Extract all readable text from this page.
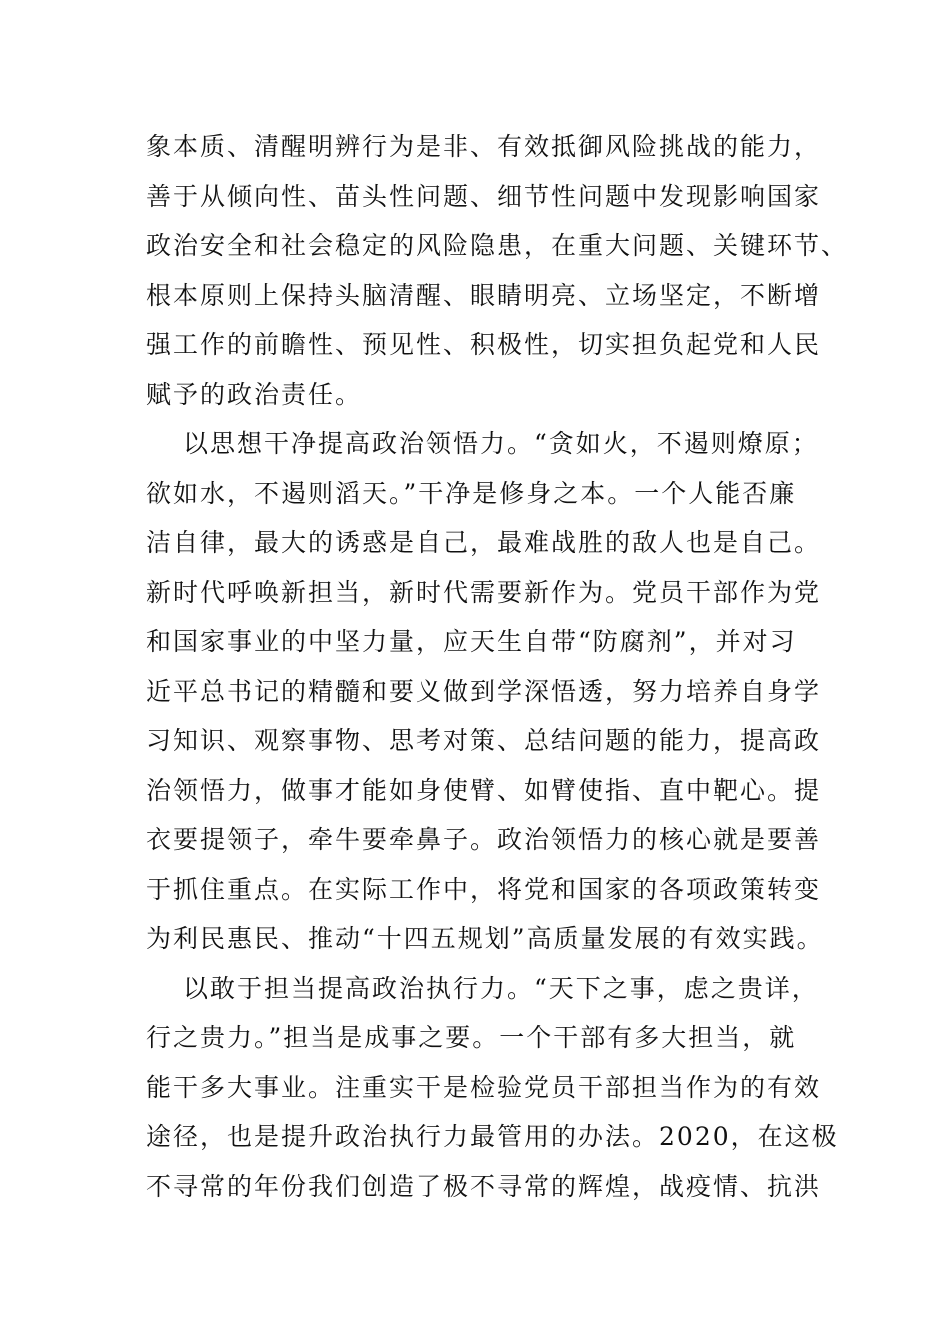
象本质、清醒明辨行为是非、有效抵御风险挑战的能力，
善于从倾向性、苗头性问题、细节性问题中发现影响国家
政治安全和社会稳定的风险隐患，在重大问题、关键环节、
根本原则上保持头脑清醒、眼睛明亮、立场坚定，不断增
强工作的前瞻性、预见性、积极性，切实担负起党和人民
赋予的政治责任。
以思想干净提高政治领悟力。“贪如火，不遏则燎原；
欲如水，不遏则滔天。”干净是修身之本。一个人能否廉
洁自律，最大的诱惑是自己，最难战胜的敌人也是自己。
新时代呼唤新担当，新时代需要新作为。党员干部作为党
和国家事业的中坚力量，应天生自带“防腐剂”，并对习
近平总书记的精髓和要义做到学深悟透，努力培养自身学
习知识、观察事物、思考对策、总结问题的能力，提高政
治领悟力，做事才能如身使臂、如臂使指、直中靶心。提
衣要提领子，牵牛要牵鼻子。政治领悟力的核心就是要善
于抓住重点。在实际工作中，将党和国家的各项政策转变
为利民惠民、推动“十四五规划”高质量发展的有效实践。
以敢于担当提高政治执行力。“天下之事，虑之贵详，
行之贵力。”担当是成事之要。一个干部有多大担当，就
能干多大事业。注重实干是检验党员干部担当作为的有效
途径，也是提升政治执行力最管用的办法。2020，在这极
不寻常的年份我们创造了极不寻常的辉煌，战疫情、抗洪
